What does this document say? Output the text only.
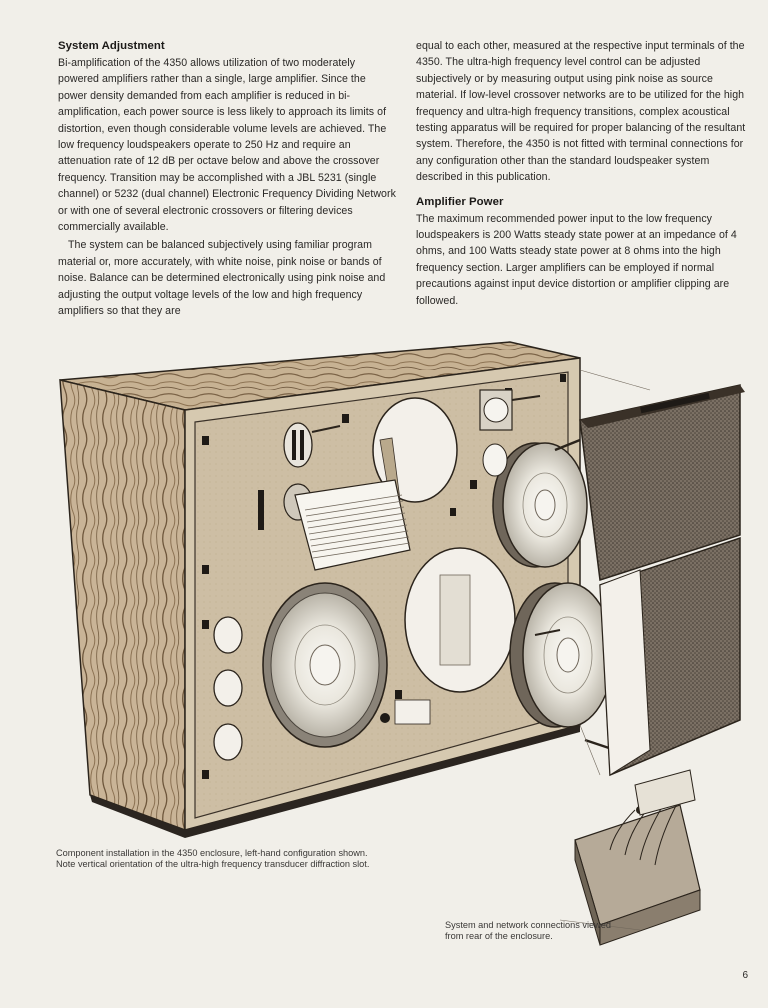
System Adjustment

Bi-amplification of the 4350 allows utilization of two moderately powered amplifiers rather than a single, large amplifier. Since the power density demanded from each amplifier is reduced in bi-amplification, each power source is less likely to approach its limits of distortion, even though considerable volume levels are achieved. The low frequency loudspeakers operate to 250 Hz and require an attenuation rate of 12 dB per octave below and above the crossover frequency. Transition may be accomplished with a JBL 5231 (single channel) or 5232 (dual channel) Electronic Frequency Dividing Network or with one of several electronic crossovers or filtering devices commercially available.

The system can be balanced subjectively using familiar program material or, more accurately, with white noise, pink noise or bands of noise. Balance can be determined electronically using pink noise and adjusting the output voltage levels of the low and high frequency amplifiers so that they are

equal to each other, measured at the respective input terminals of the 4350. The ultra-high frequency level control can be adjusted subjectively or by measuring output using pink noise as source material. If low-level crossover networks are to be utilized for the high frequency and ultra-high frequency transitions, complex acoustical testing apparatus will be required for proper balancing of the resultant system. Therefore, the 4350 is not fitted with terminal connections for any configuration other than the standard loudspeaker system described in this publication.

Amplifier Power

The maximum recommended power input to the low frequency loudspeakers is 200 Watts steady state power at an impedance of 4 ohms, and 100 Watts steady state power at 8 ohms into the high frequency section. Larger amplifiers can be employed if normal precautions against input device distortion or amplifier clipping are followed.

Component installation in the 4350 enclosure, left-hand configuration shown. Note vertical orientation of the ultra-high frequency transducer diffraction slot.
System and network connections viewed from rear of the enclosure.
6
